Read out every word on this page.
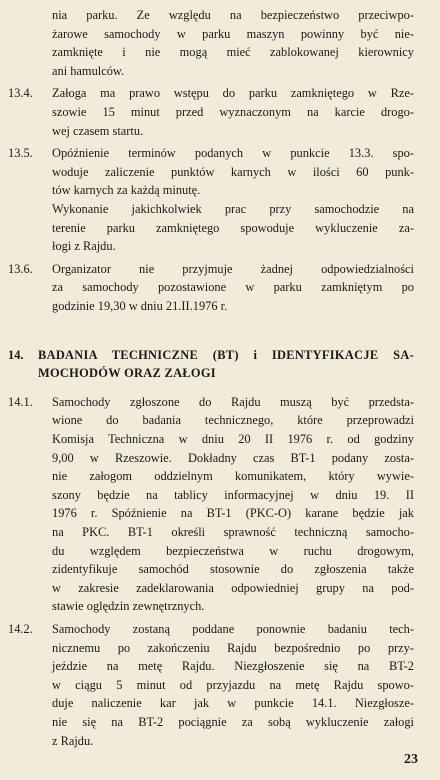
nia parku. Ze względu na bezpieczeństwo przeciwpo-
żarowe samochody w parku maszyn powinny być nie-
zamknięte i nie mogą mieć zablokowanej kierownicy
ani hamulców.
13.4. Załoga ma prawo wstępu do parku zamkniętego w Rze-
szowie 15 minut przed wyznaczonym na karcie drogo-
wej czasem startu.
13.5. Opóźnienie terminów podanych w punkcie 13.3. spo-
woduje zaliczenie punktów karnych w ilości 60 punk-
tów karnych za każdą minutę.
Wykonanie jakichkolwiek prac przy samochodzie na
terenie parku zamkniętego spowoduje wykluczenie za-
łogi z Rajdu.
13.6. Organizator nie przyjmuje żadnej odpowiedzialności
za samochody pozostawione w parku zamkniętym po
godzinie 19,30 w dniu 21.II.1976 r.
14. BADANIA TECHNICZNE (BT) i IDENTYFIKACJE SA-
MOCHODÓW ORAZ ZAŁOGI
14.1. Samochody zgłoszone do Rajdu muszą być przedsta-
wione do badania technicznego, które przeprowadzi
Komisja Techniczna w dniu 20 II 1976 r. od godziny
9,00 w Rzeszowie. Dokładny czas BT-1 podany zosta-
nie załogom oddzielnym komunikatem, który wywie-
szony będzie na tablicy informacyjnej w dniu 19. II
1976 r. Spóźnienie na BT-1 (PKC-O) karane będzie jak
na PKC. BT-1 określi sprawność techniczną samocho-
du względem bezpieczeństwa w ruchu drogowym,
zidentyfikuje samochód stosownie do zgłoszenia także
w zakresie zadeklarowania odpowiedniej grupy na pod-
stawie oględzin zewnętrznych.
14.2. Samochody zostaną poddane ponownie badaniu tech-
nicznemu po zakończeniu Rajdu bezpośrednio po przy-
jeździe na metę Rajdu. Niezgłoszenie się na BT-2
w ciągu 5 minut od przyjazdu na metę Rajdu spowo-
duje naliczenie kar jak w punkcie 14.1. Niezgłosze-
nie się na BT-2 pociągnie za sobą wykluczenie załogi
z Rajdu.
23
